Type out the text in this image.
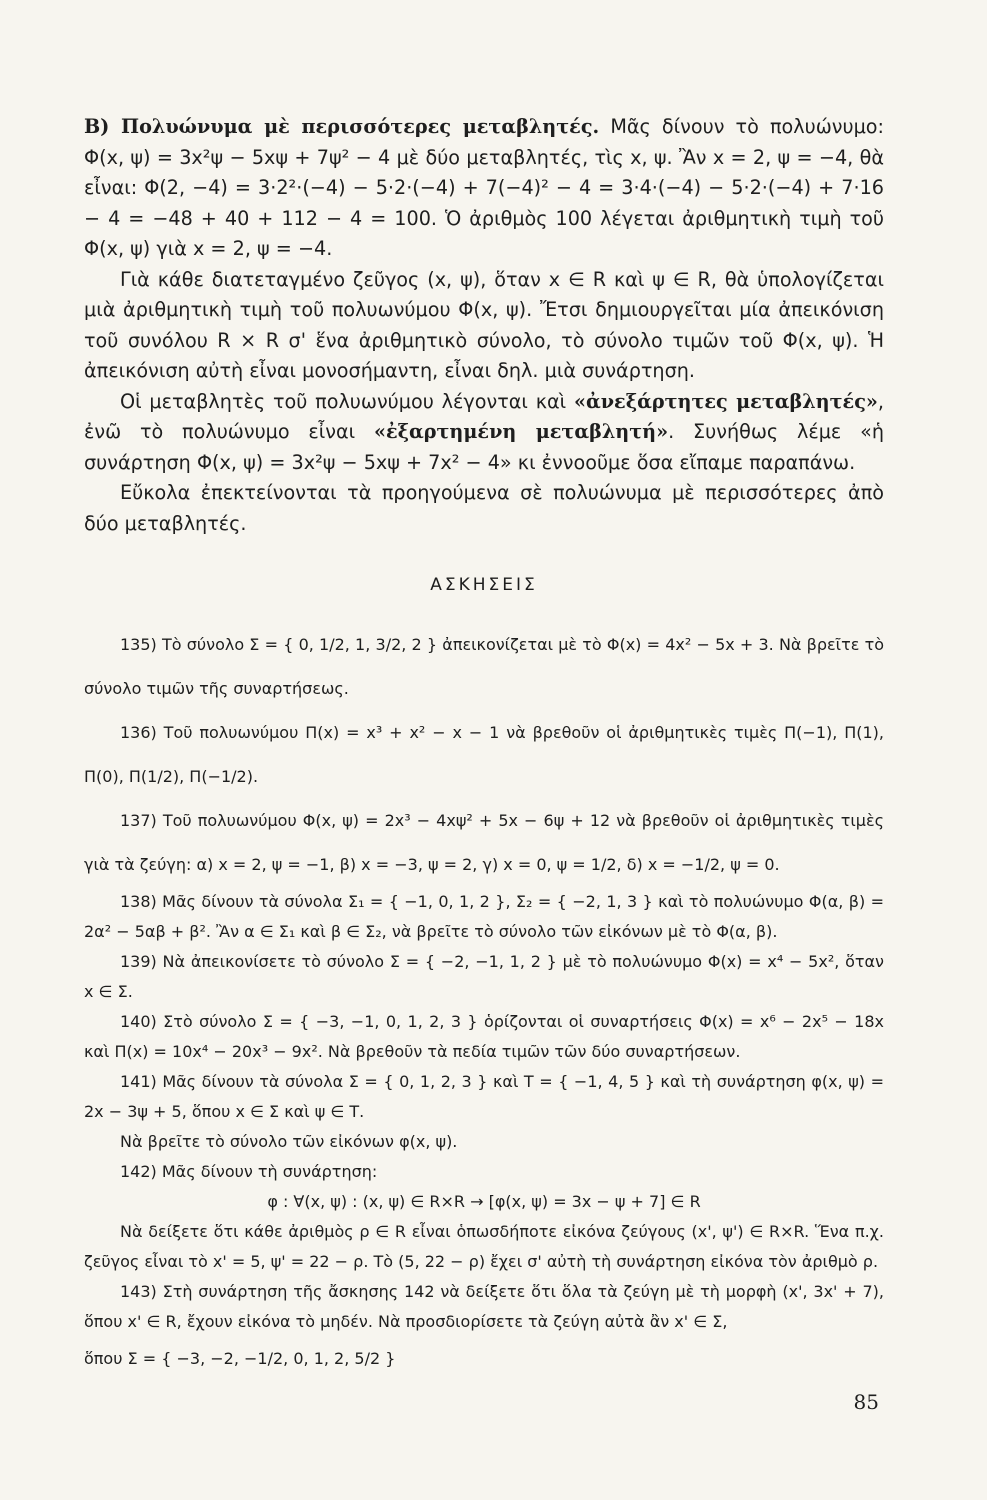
B) Πολυώνυμα μὲ περισσότερες μεταβλητές. Μᾶς δίνουν τὸ πολυώνυμο: Φ(x, ψ) = 3x²ψ − 5xψ + 7ψ² − 4 μὲ δύο μεταβλητές, τὶς x, ψ. Ἂν x = 2, ψ = −4, θὰ εἶναι: Φ(2, −4) = 3·2²·(−4) − 5·2·(−4) + 7(−4)² − 4 = 3·4·(−4) − 5·2·(−4) + 7·16 − 4 = −48 + 40 + 112 − 4 = 100. Ὁ ἀριθμὸς 100 λέγεται ἀριθμητικὴ τιμὴ τοῦ Φ(x, ψ) γιὰ x = 2, ψ = −4.

Γιὰ κάθε διατεταγμένο ζεῦγος (x, ψ), ὅταν x ∈ R καὶ ψ ∈ R, θὰ ὑπολογίζεται μιὰ ἀριθμητικὴ τιμὴ τοῦ πολυωνύμου Φ(x, ψ). Ἔτσι δημιουργεῖται μία ἀπεικόνιση τοῦ συνόλου R × R σ' ἕνα ἀριθμητικὸ σύνολο, τὸ σύνολο τιμῶν τοῦ Φ(x, ψ). Ἡ ἀπεικόνιση αὐτὴ εἶναι μονοσήμαντη, εἶναι δηλ. μιὰ συνάρτηση.

Οἱ μεταβλητὲς τοῦ πολυωνύμου λέγονται καὶ «ἀνεξάρτητες μεταβλητές», ἐνῶ τὸ πολυώνυμο εἶναι «ἐξαρτημένη μεταβλητή». Συνήθως λέμε «ἡ συνάρτηση Φ(x, ψ) = 3x²ψ − 5xψ + 7x² − 4» κι ἐννοοῦμε ὅσα εἴπαμε παραπάνω.

Εὔκολα ἐπεκτείνονται τὰ προηγούμενα σὲ πολυώνυμα μὲ περισσότερες ἀπὸ δύο μεταβλητές.

ΑΣΚΗΣΕΙΣ

135) Τὸ σύνολο Σ = { 0, 1/2, 1, 3/2, 2 } ἀπεικονίζεται μὲ τὸ Φ(x) = 4x² − 5x + 3. Νὰ βρεῖτε τὸ σύνολο τιμῶν τῆς συναρτήσεως.

136) Τοῦ πολυωνύμου Π(x) = x³ + x² − x − 1 νὰ βρεθοῦν οἱ ἀριθμητικὲς τιμὲς Π(−1), Π(1), Π(0), Π(1/2), Π(−1/2).

137) Τοῦ πολυωνύμου Φ(x, ψ) = 2x³ − 4xψ² + 5x − 6ψ + 12 νὰ βρεθοῦν οἱ ἀριθμητικὲς τιμὲς γιὰ τὰ ζεύγη: α) x = 2, ψ = −1, β) x = −3, ψ = 2, γ) x = 0, ψ = 1/2, δ) x = −1/2, ψ = 0.

138) Μᾶς δίνουν τὰ σύνολα Σ₁ = { −1, 0, 1, 2 }, Σ₂ = { −2, 1, 3 } καὶ τὸ πολυώνυμο Φ(α, β) = 2α² − 5αβ + β². Ἂν α ∈ Σ₁ καὶ β ∈ Σ₂, νὰ βρεῖτε τὸ σύνολο τῶν εἰκόνων μὲ τὸ Φ(α, β).

139) Νὰ ἀπεικονίσετε τὸ σύνολο Σ = { −2, −1, 1, 2 } μὲ τὸ πολυώνυμο Φ(x) = x⁴ − 5x², ὅταν x ∈ Σ.

140) Στὸ σύνολο Σ = { −3, −1, 0, 1, 2, 3 } ὁρίζονται οἱ συναρτήσεις Φ(x) = x⁶ − 2x⁵ − 18x καὶ Π(x) = 10x⁴ − 20x³ − 9x². Νὰ βρεθοῦν τὰ πεδία τιμῶν τῶν δύο συναρτήσεων.

141) Μᾶς δίνουν τὰ σύνολα Σ = { 0, 1, 2, 3 } καὶ Τ = { −1, 4, 5 } καὶ τὴ συνάρτηση φ(x, ψ) = 2x − 3ψ + 5, ὅπου x ∈ Σ καὶ ψ ∈ Τ.

Νὰ βρεῖτε τὸ σύνολο τῶν εἰκόνων φ(x, ψ).

142) Μᾶς δίνουν τὴ συνάρτηση:

φ : ∀(x, ψ) : (x, ψ) ∈ R×R → [φ(x, ψ) = 3x − ψ + 7] ∈ R

Νὰ δείξετε ὅτι κάθε ἀριθμὸς ρ ∈ R εἶναι ὁπωσδήποτε εἰκόνα ζεύγους (x', ψ') ∈ R×R. Ἕνα π.χ. ζεῦγος εἶναι τὸ x' = 5, ψ' = 22 − ρ. Τὸ (5, 22 − ρ) ἔχει σ' αὐτὴ τὴ συνάρτηση εἰκόνα τὸν ἀριθμὸ ρ.

143) Στὴ συνάρτηση τῆς ἄσκησης 142 νὰ δείξετε ὅτι ὅλα τὰ ζεύγη μὲ τὴ μορφὴ (x', 3x' + 7), ὅπου x' ∈ R, ἔχουν εἰκόνα τὸ μηδέν. Νὰ προσδιορίσετε τὰ ζεύγη αὐτὰ ἂν x' ∈ Σ,

ὅπου Σ = { −3, −2, −1/2, 0, 1, 2, 5/2 }

85
